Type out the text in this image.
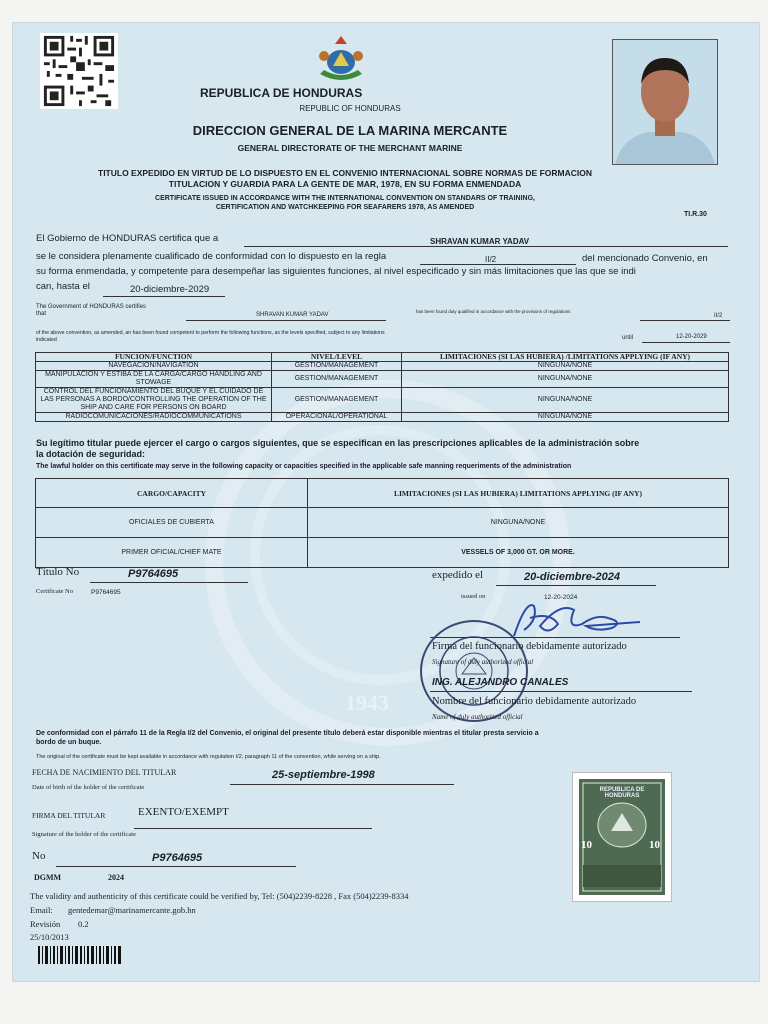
REPUBLICA DE HONDURAS
REPUBLIC OF HONDURAS
DIRECCION GENERAL DE LA MARINA MERCANTE
GENERAL DIRECTORATE OF THE MERCHANT MARINE
TITULO EXPEDIDO EN VIRTUD DE LO DISPUESTO EN EL CONVENIO INTERNACIONAL SOBRE NORMAS DE FORMACION
TITULACION Y GUARDIA PARA LA GENTE DE MAR, 1978, EN SU FORMA ENMENDADA
CERTIFICATE ISSUED IN ACCORDANCE WITH THE INTERNATIONAL CONVENTION ON STANDARS OF TRAINING,
CERTIFICATION AND WATCHKEEPING FOR SEAFARERS 1978, AS AMENDED
TI.R.30
El Gobierno de HONDURAS certifica que a	SHRAVAN KUMAR YADAV
se le considera plenamente cualificado de conformidad con lo dispuesto en la regla	II/2	del mencionado Convenio, en
su forma enmendada, y competente para desempeñar las siguientes funciones, al nivel especificado y sin más limitaciones que las que se indi
can, hasta el	20-diciembre-2029
The Government of HONDURAS certifies
that	SHRAVAN KUMAR YADAV
has been found duly qualified in accordance with the provisions of regulations
II/2
of the above convention, as amended, an has been found competent to perform the following functions, as the levels specified, subject to any limitations
indicated	until	12-20-2029
FUNCION/FUNCTION	NIVEL/LEVEL	LIMITACIONES (SI LAS HUBIERA) /LIMITATIONS APPLYING (IF ANY)
NAVEGACION/NAVIGATION	GESTION/MANAGEMENT	NINGUNA/NONE
MANIPULACION Y ESTIBA DE LA CARGA/CARGO HANDLING AND STOWAGE	GESTION/MANAGEMENT	NINGUNA/NONE
CONTROL DEL FUNCIONAMIENTO DEL BUQUE Y EL CUIDADO DE LAS PERSONAS A BORDO/CONTROLLING THE OPERATION OF THE SHIP AND CARE FOR PERSONS ON BOARD	GESTION/MANAGEMENT	NINGUNA/NONE
RADIOCOMUNICACIONES/RADIOCOMMUNICATIONS	OPERACIONAL/OPERATIONAL	NINGUNA/NONE
Su legítimo titular puede ejercer el cargo o cargos siguientes, que se especifican en las prescripciones aplicables de la administración sobre
la dotación de seguridad:
The lawful holder on this certificate may serve in the following capacity or capacities specified in the applicable safe manning requeriments of the administration
CARGO/CAPACITY	LIMITACIONES (SI LAS HUBIERA) LIMITATIONS APPLYING (IF ANY)
OFICIALES DE CUBIERTA	NINGUNA/NONE
PRIMER OFICIAL/CHIEF MATE	VESSELS OF 3,000 GT. OR MORE.
Título No	P9764695
Certificate No	P9764695
expedido el	20-diciembre-2024
issued on	12-20-2024
Firma del funcionario debidamente autorizado
Signature of duly authorized official
ING. ALEJANDRO CANALES
Nombre del funcionario debidamente autorizado
Name of duly authorized official
De conformidad con el párrafo 11 de la Regla I/2 del Convenio, el original del presente título deberá estar disponible mientras el titular presta servicio a
bordo de un buque.
The original of the certificate must be kept available in accordance with regulation I/2, paragraph 11 of the convention, while serving on a ship.
FECHA DE NACIMIENTO DEL TITULAR	25-septiembre-1998
Date of birth of the holder of the certificate
FIRMA DEL TITULAR	EXENTO/EXEMPT
Signature of the holder of the certificate
No	P9764695
DGMM	2024
The validity and authenticity of this certificate could be verified by, Tel: (504)2239-8228 , Fax (504)2239-8334
Email: gentedemar@marinamercante.gob.hn
Revisión 0.2
25/10/2013
REPUBLICA DE HONDURAS
10	10
1943
